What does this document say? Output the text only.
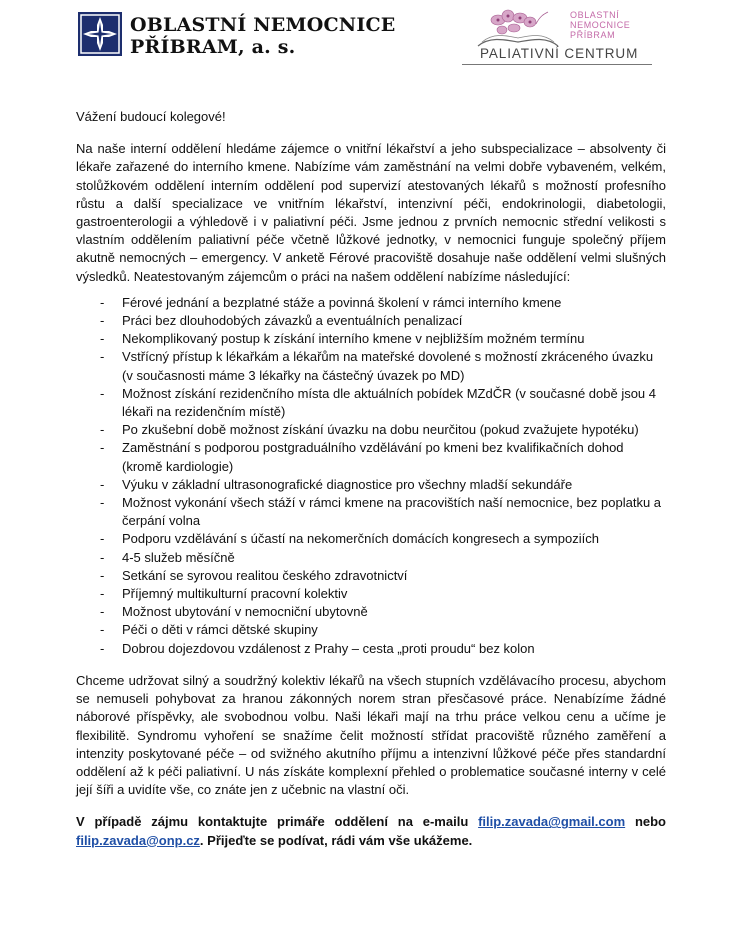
OBLASTNÍ NEMOCNICE
PŘÍBRAM, a. s.
OBLASTNÍ
NEMOCNICE
PŘÍBRAM
PALIATIVNÍ CENTRUM

Vážení budoucí kolegové!

Na naše interní oddělení hledáme zájemce o vnitřní lékařství a jeho subspecializace – absolventy či lékaře zařazené do interního kmene. Nabízíme vám zaměstnání na velmi dobře vybaveném, velkém, stolůžkovém oddělení interním oddělení pod supervizí atestovaných lékařů s možností profesního růstu a další specializace ve vnitřním lékařství, intenzivní péči, endokrinologii, diabetologii, gastroenterologii a výhledově i v paliativní péči. Jsme jednou z prvních nemocnic střední velikosti s vlastním oddělením paliativní péče včetně lůžkové jednotky, v nemocnici funguje společný příjem akutně nemocných – emergency. V anketě Férové pracoviště dosahuje naše oddělení velmi slušných výsledků. Neatestovaným zájemcům o práci na našem oddělení nabízíme následující:

- Férové jednání a bezplatné stáže a povinná školení v rámci interního kmene
- Práci bez dlouhodobých závazků a eventuálních penalizací
- Nekomplikovaný postup k získání interního kmene v nejbližším možném termínu
- Vstřícný přístup k lékařkám a lékařům na mateřské dovolené s možností zkráceného úvazku (v současnosti máme 3 lékařky na částečný úvazek po MD)
- Možnost získání rezidenčního místa dle aktuálních pobídek MZdČR (v současné době jsou 4 lékaři na rezidenčním místě)
- Po zkušební době možnost získání úvazku na dobu neurčitou (pokud zvažujete hypotéku)
- Zaměstnání s podporou postgraduálního vzdělávání po kmeni bez kvalifikačních dohod (kromě kardiologie)
- Výuku v základní ultrasonografické diagnostice pro všechny mladší sekundáře
- Možnost vykonání všech stáží v rámci kmene na pracovištích naší nemocnice, bez poplatku a čerpání volna
- Podporu vzdělávání s účastí na nekomerčních domácích kongresech a sympoziích
- 4-5 služeb měsíčně
- Setkání se syrovou realitou českého zdravotnictví
- Příjemný multikulturní pracovní kolektiv
- Možnost ubytování v nemocniční ubytovně
- Péči o děti v rámci dětské skupiny
- Dobrou dojezdovou vzdálenost z Prahy – cesta „proti proudu“ bez kolon

Chceme udržovat silný a soudržný kolektiv lékařů na všech stupních vzdělávacího procesu, abychom se nemuseli pohybovat za hranou zákonných norem stran přesčasové práce. Nenabízíme žádné náborové příspěvky, ale svobodnou volbu. Naši lékaři mají na trhu práce velkou cenu a učíme je flexibilitě. Syndromu vyhoření se snažíme čelit možností střídat pracoviště různého zaměření a intenzity poskytované péče – od svižného akutního příjmu a intenzivní lůžkové péče přes standardní oddělení až k péči paliativní. U nás získáte komplexní přehled o problematice současné interny v celé její šíři a uvidíte vše, co znáte jen z učebnic na vlastní oči.

V případě zájmu kontaktujte primáře oddělení na e-mailu filip.zavada@gmail.com nebo filip.zavada@onp.cz. Přijeďte se podívat, rádi vám vše ukážeme.
